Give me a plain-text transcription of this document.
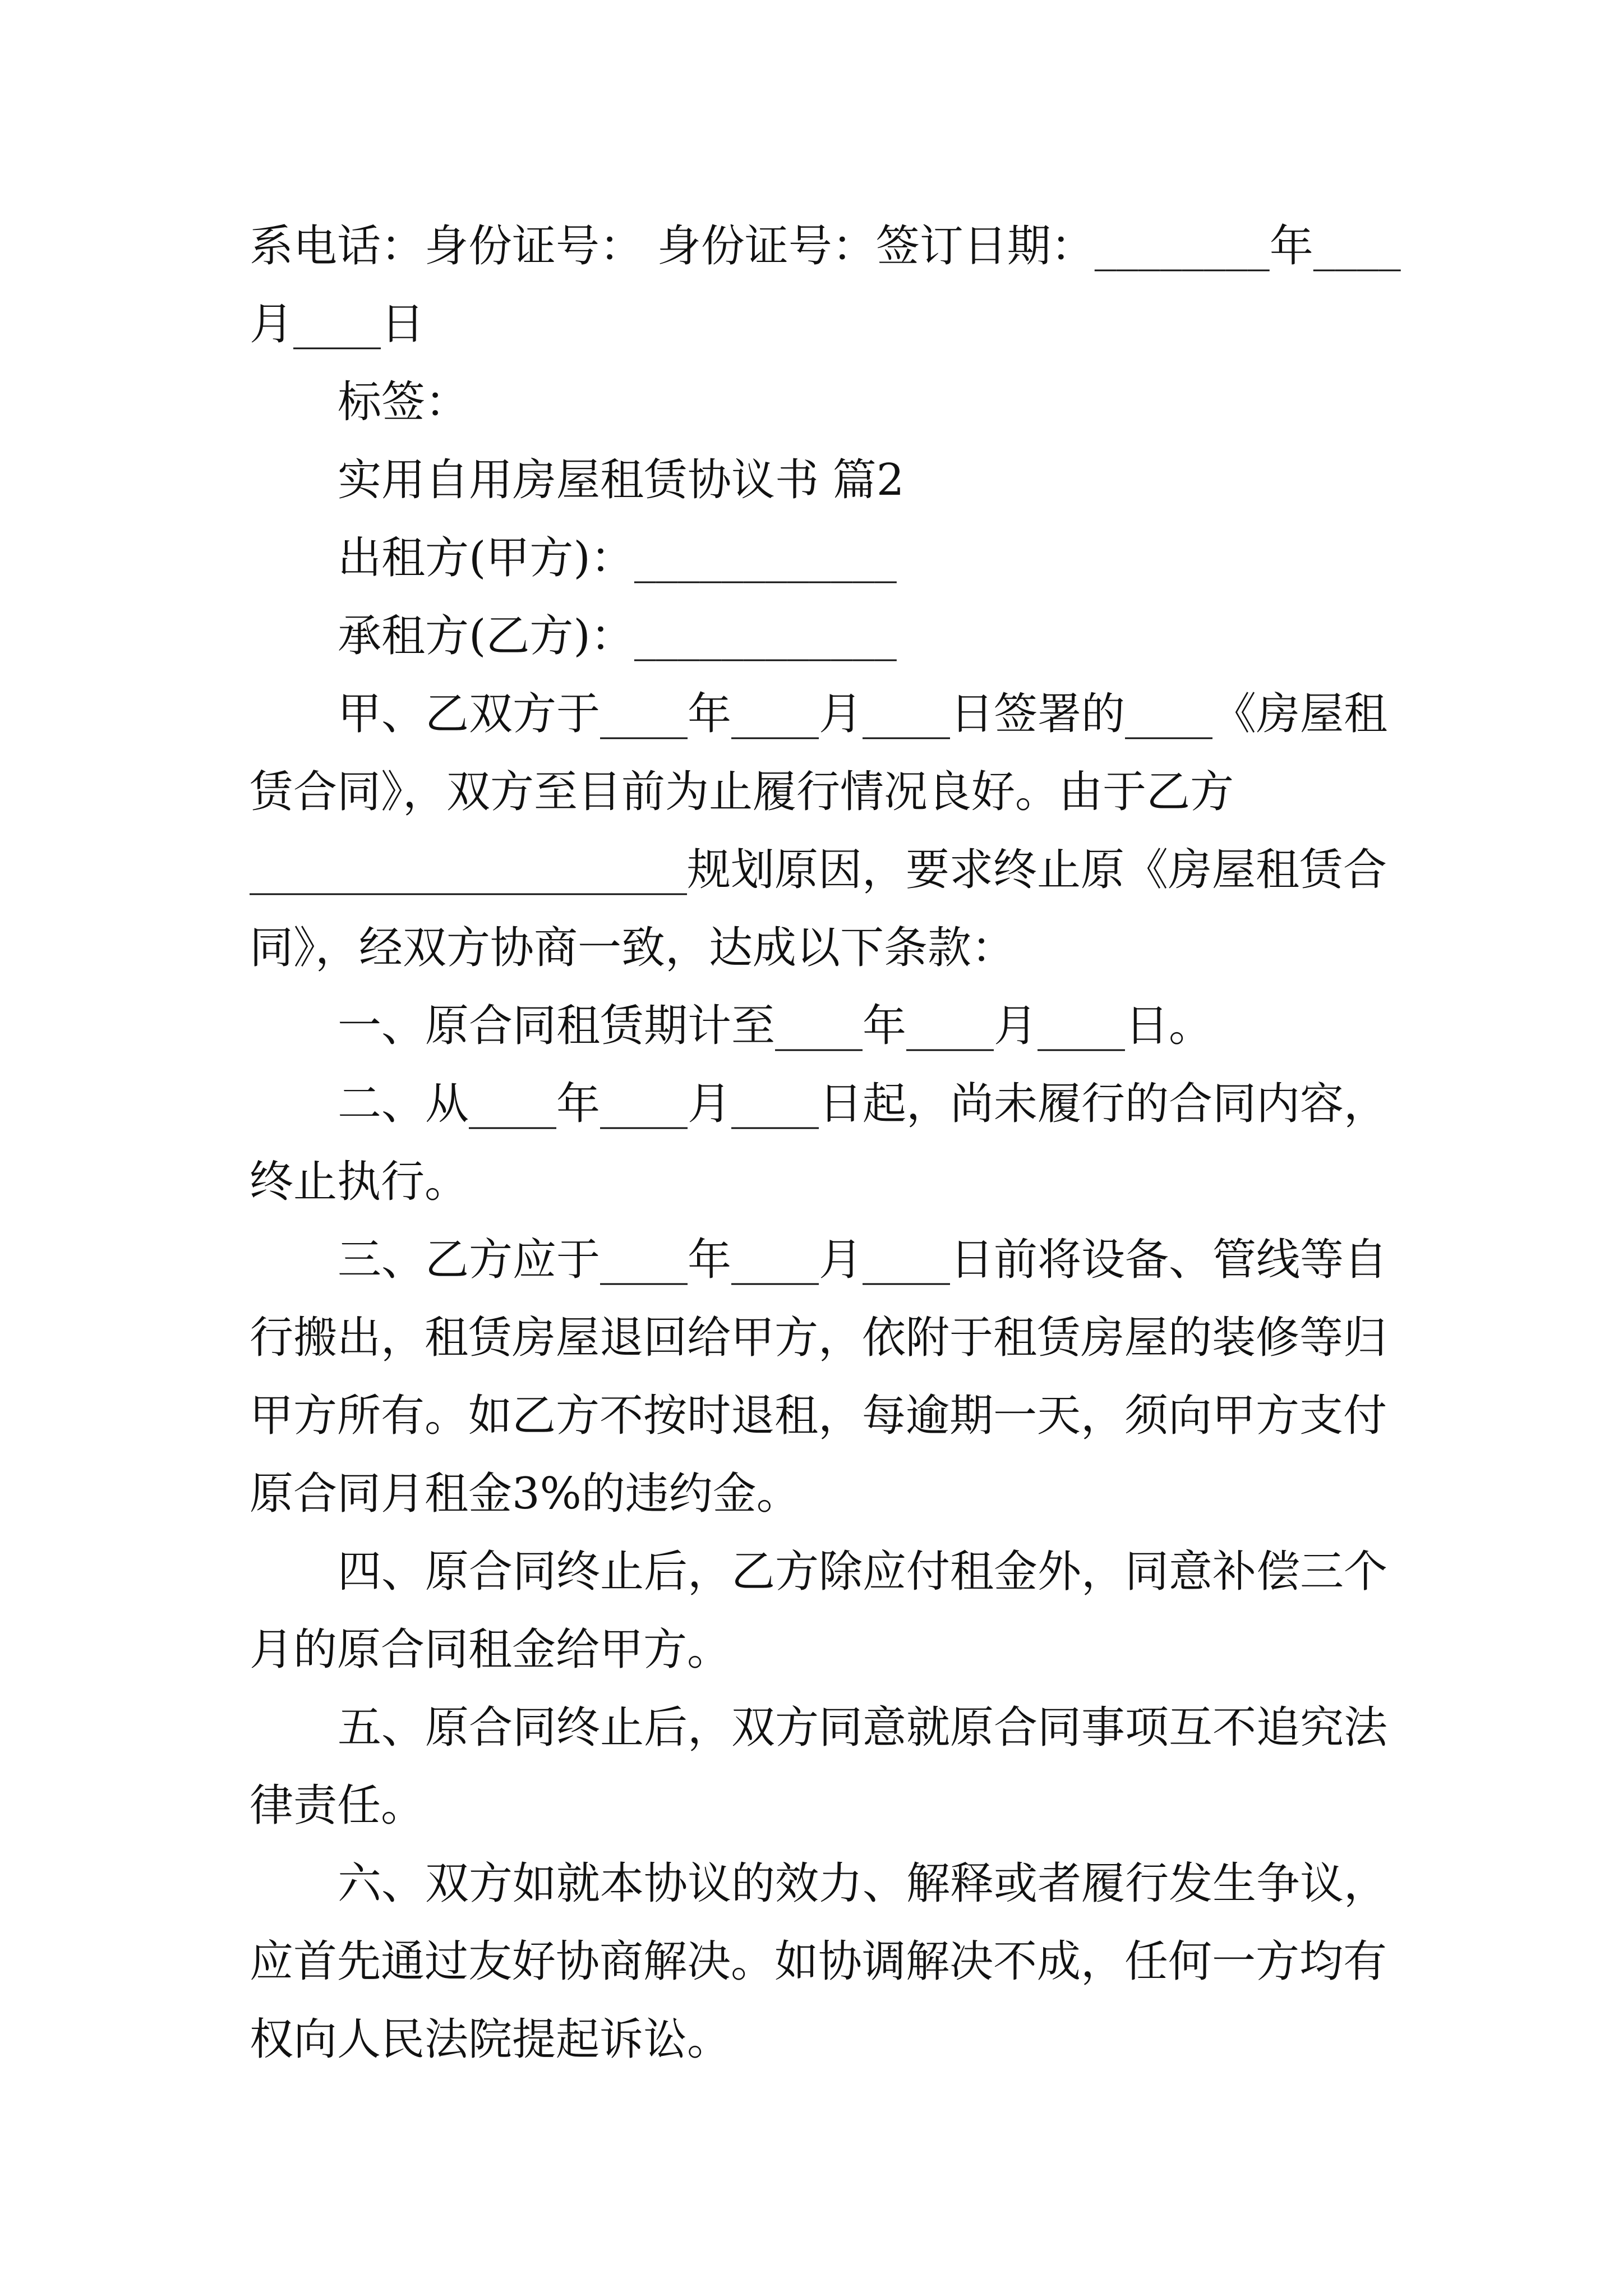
系电话：身份证号： 身份证号：签订日期：________年____
月____日
标签：
实用自用房屋租赁协议书 篇2
出租方(甲方)：____________
承租方(乙方)：____________
甲、乙双方于____年____月____日签署的____《房屋租
赁合同》，双方至目前为止履行情况良好。由于乙方
____________________规划原因，要求终止原《房屋租赁合
同》，经双方协商一致，达成以下条款：
一、原合同租赁期计至____年____月____日。
二、从____年____月____日起，尚未履行的合同内容，
终止执行。
三、乙方应于____年____月____日前将设备、管线等自
行搬出，租赁房屋退回给甲方，依附于租赁房屋的装修等归
甲方所有。如乙方不按时退租，每逾期一天，须向甲方支付
原合同月租金3%的违约金。
四、原合同终止后，乙方除应付租金外，同意补偿三个
月的原合同租金给甲方。
五、原合同终止后，双方同意就原合同事项互不追究法
律责任。
六、双方如就本协议的效力、解释或者履行发生争议，
应首先通过友好协商解决。如协调解决不成，任何一方均有
权向人民法院提起诉讼。
